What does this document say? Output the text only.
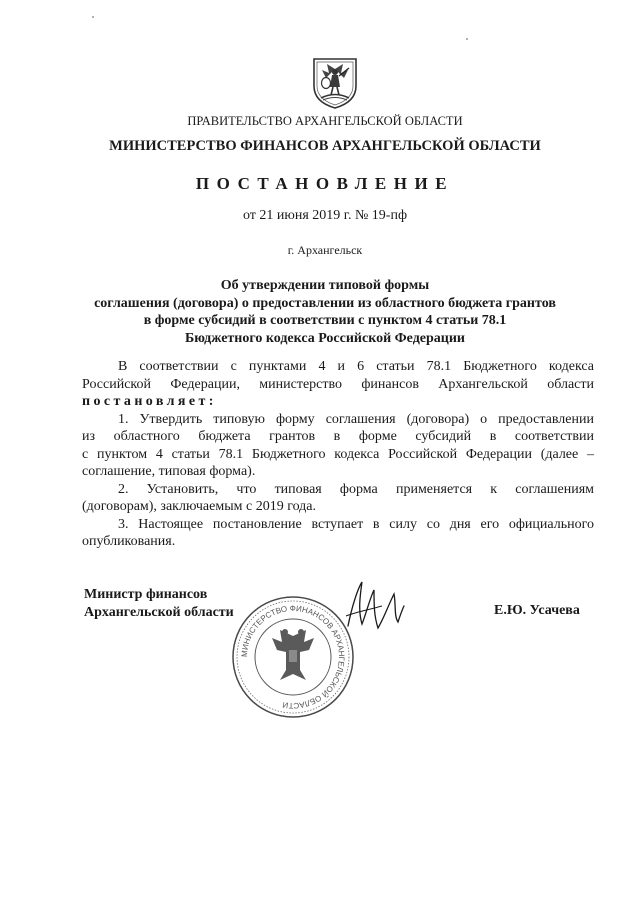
ПРАВИТЕЛЬСТВО АРХАНГЕЛЬСКОЙ ОБЛАСТИ
МИНИСТЕРСТВО ФИНАНСОВ АРХАНГЕЛЬСКОЙ ОБЛАСТИ
ПОСТАНОВЛЕНИЕ
от 21 июня 2019 г. № 19-пф
г. Архангельск
Об утверждении типовой формы
соглашения (договора) о предоставлении из областного бюджета грантов
в форме субсидий в соответствии с пунктом 4 статьи 78.1
Бюджетного кодекса Российской Федерации
В соответствии с пунктами 4 и 6 статьи 78.1 Бюджетного кодекса
Российской Федерации, министерство финансов Архангельской области
постановляет:
1. Утвердить типовую форму соглашения (договора) о предоставлении
из областного бюджета грантов в форме субсидий в соответствии
с пунктом 4 статьи 78.1 Бюджетного кодекса Российской Федерации (далее –
соглашение, типовая форма).
2. Установить, что типовая форма применяется к соглашениям
(договорам), заключаемым с 2019 года.
3. Настоящее постановление вступает в силу со дня его официального
опубликования.
МИНИСТЕРСТВО ФИНАНСОВ АРХАНГЕЛЬСКОЙ ОБЛАСТИ
Министр финансов
Архангельской области	Е.Ю. Усачева
